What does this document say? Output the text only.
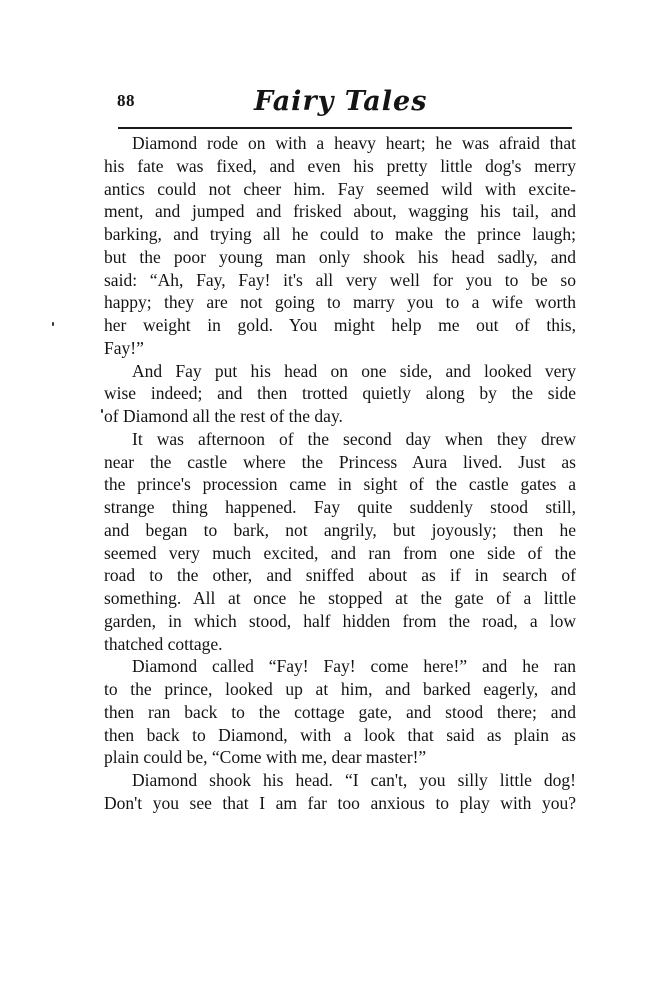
88	Fairy Tales
Diamond rode on with a heavy heart; he was afraid that
his fate was fixed, and even his pretty little dog's merry
antics could not cheer him. Fay seemed wild with excite-
ment, and jumped and frisked about, wagging his tail, and
barking, and trying all he could to make the prince laugh;
but the poor young man only shook his head sadly, and
said: “Ah, Fay, Fay! it's all very well for you to be so
happy; they are not going to marry you to a wife worth
her weight in gold. You might help me out of this,
Fay!”
And Fay put his head on one side, and looked very
wise indeed; and then trotted quietly along by the side
of Diamond all the rest of the day.
It was afternoon of the second day when they drew
near the castle where the Princess Aura lived. Just as
the prince's procession came in sight of the castle gates a
strange thing happened. Fay quite suddenly stood still,
and began to bark, not angrily, but joyously; then he
seemed very much excited, and ran from one side of the
road to the other, and sniffed about as if in search of
something. All at once he stopped at the gate of a little
garden, in which stood, half hidden from the road, a low
thatched cottage.
Diamond called “Fay! Fay! come here!” and he ran
to the prince, looked up at him, and barked eagerly, and
then ran back to the cottage gate, and stood there; and
then back to Diamond, with a look that said as plain as
plain could be, “Come with me, dear master!”
Diamond shook his head. “I can't, you silly little dog!
Don't you see that I am far too anxious to play with you?
